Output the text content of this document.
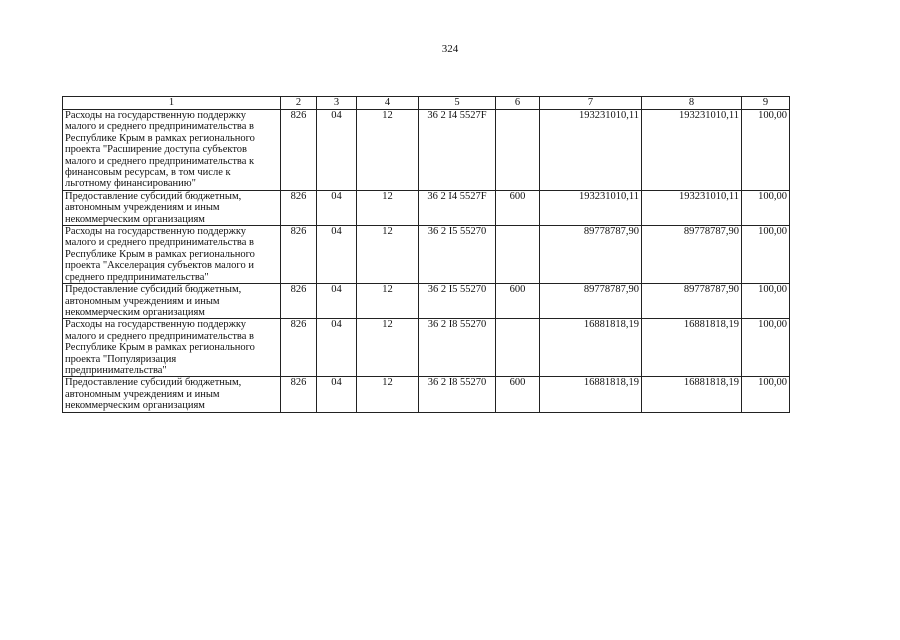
324
1	2	3	4	5	6	7	8	9
Расходы на государственную поддержку малого и среднего предпринимательства в Республике Крым в рамках регионального проекта "Расширение доступа субъектов малого и среднего предпринимательства к финансовым ресурсам, в том числе к льготному финансированию"	826	04	12	36 2 I4 5527F		193231010,11	193231010,11	100,00
Предоставление субсидий бюджетным, автономным учреждениям и иным некоммерческим организациям	826	04	12	36 2 I4 5527F	600	193231010,11	193231010,11	100,00
Расходы на государственную поддержку малого и среднего предпринимательства в Республике Крым в рамках регионального проекта "Акселерация субъектов малого и среднего предпринимательства"	826	04	12	36 2 I5 55270		89778787,90	89778787,90	100,00
Предоставление субсидий бюджетным, автономным учреждениям и иным некоммерческим организациям	826	04	12	36 2 I5 55270	600	89778787,90	89778787,90	100,00
Расходы на государственную поддержку малого и среднего предпринимательства в Республике Крым в рамках регионального проекта "Популяризация предпринимательства"	826	04	12	36 2 I8 55270		16881818,19	16881818,19	100,00
Предоставление субсидий бюджетным, автономным учреждениям и иным некоммерческим организациям	826	04	12	36 2 I8 55270	600	16881818,19	16881818,19	100,00
